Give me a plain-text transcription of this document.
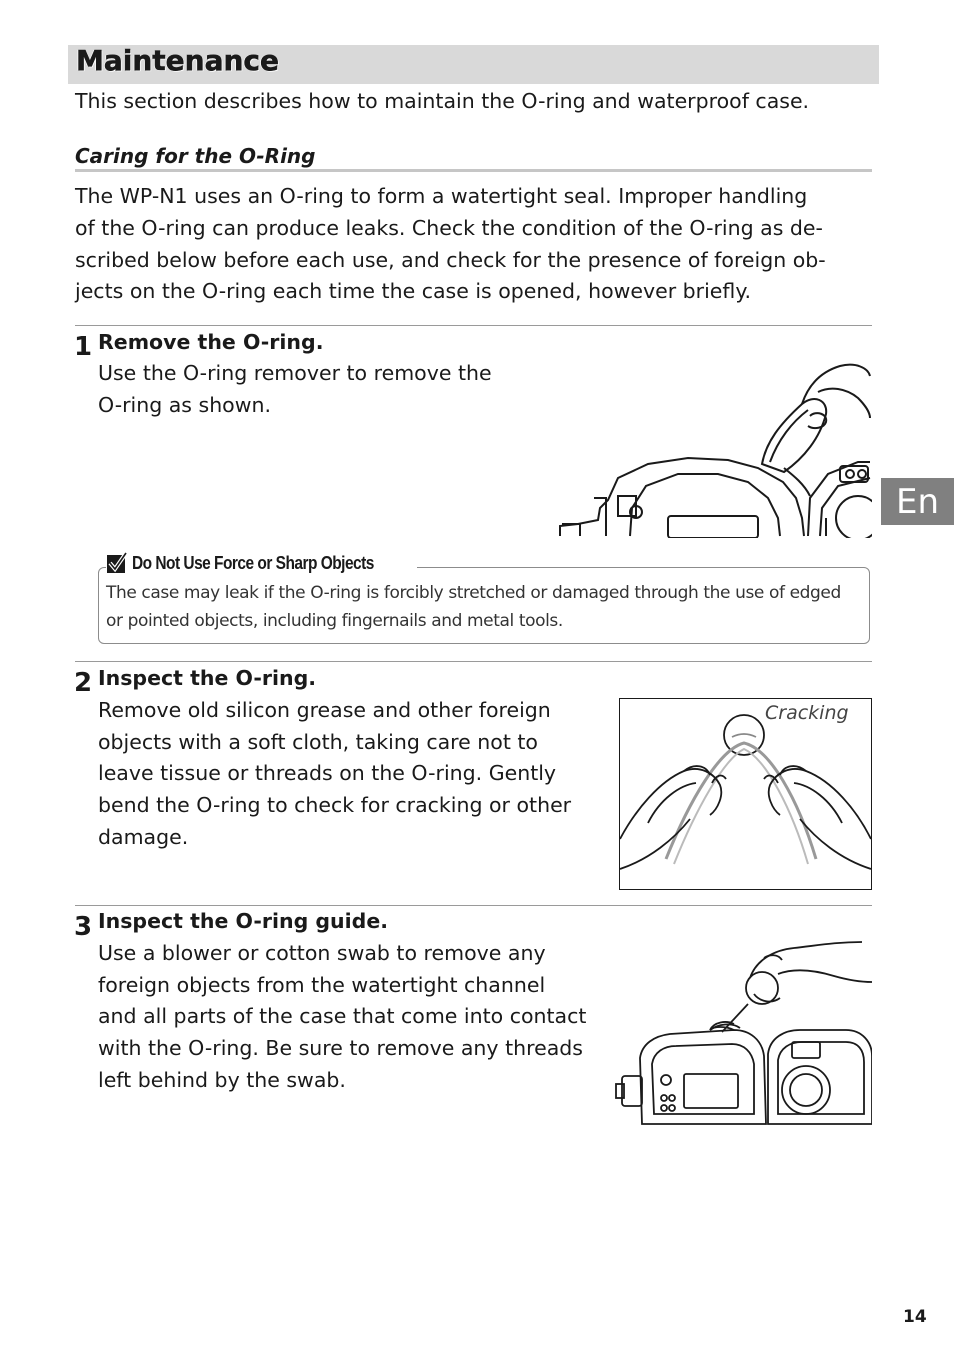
Maintenance
This section describes how to maintain the O-ring and waterproof case.
Caring for the O-Ring
The WP-N1 uses an O-ring to form a watertight seal. Improper handling
of the O-ring can produce leaks. Check the condition of the O-ring as de-
scribed below before each use, and check for the presence of foreign ob-
jects on the O-ring each time the case is opened, however briefly.
1 Remove the O-ring.
Use the O-ring remover to remove the
O-ring as shown.
Do Not Use Force or Sharp Objects
The case may leak if the O-ring is forcibly stretched or damaged through the use of edged
or pointed objects, including fingernails and metal tools.
En
2 Inspect the O-ring.
Remove old silicon grease and other foreign
objects with a soft cloth, taking care not to
leave tissue or threads on the O-ring. Gently
bend the O-ring to check for cracking or other
damage.
Cracking
3 Inspect the O-ring guide.
Use a blower or cotton swab to remove any
foreign objects from the watertight channel
and all parts of the case that come into contact
with the O-ring. Be sure to remove any threads
left behind by the swab.
14
